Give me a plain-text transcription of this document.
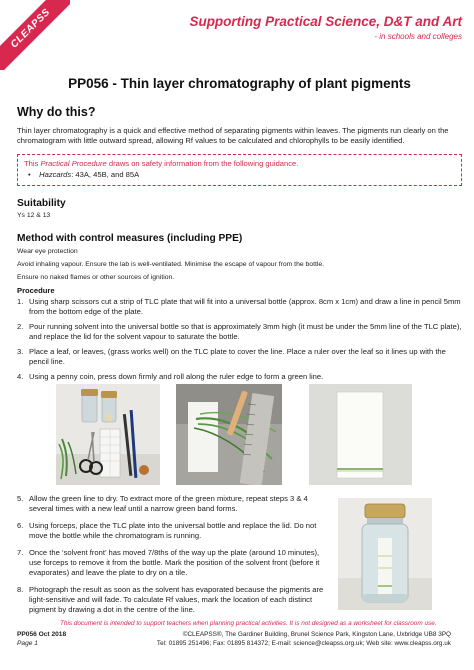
CLEAPSS	Supporting Practical Science, D&T and Art
- in schools and colleges
PP056 - Thin layer chromatography of plant pigments
Why do this?

Thin layer chromatography is a quick and effective method of separating pigments within leaves. The pigments run clearly on the chromatogram with little outward spread, allowing Rf values to be calculated and chlorophylls to be easily identified.

This Practical Procedure draws on safety information from the following guidance.
•    Hazcards: 43A, 45B, and 85A
Suitability
Ys 12 & 13
Method with control measures (including PPE)
Wear eye protection
Avoid inhaling vapour. Ensure the lab is well-ventilated. Minimise the escape of vapour from the bottle.
Ensure no naked flames or other sources of ignition.
Procedure
1. Using sharp scissors cut a strip of TLC plate that will fit into a universal bottle (approx. 8cm x 1cm) and draw a line in pencil 5mm from the bottom edge of the plate.
2. Pour running solvent into the universal bottle so that is approximately 3mm high (it must be under the 5mm line of the TLC plate), and replace the lid for the solvent vapour to saturate the bottle.
3. Place a leaf, or leaves, (grass works well) on the TLC plate to cover the line. Place a ruler over the leaf so it lines up with the pencil line.
4. Using a penny coin, press down firmly and roll along the ruler edge to form a green line.
5. Allow the green line to dry. To extract more of the green mixture, repeat steps 3 & 4 several times with a new leaf until a narrow green band forms.
6. Using forceps, place the TLC plate into the universal bottle and replace the lid. Do not move the bottle while the chromatogram is running.
7. Once the ‘solvent front’ has moved 7/8ths of the way up the plate (around 10 minutes), use forceps to remove it from the bottle. Mark the position of the solvent front (before it evaporates) and leave the plate to dry on a tile.
8. Photograph the result as soon as the solvent has evaporated because the pigments are light-sensitive and will fade. To calculate Rf values, mark the location of each distinct pigment by drawing a dot in the centre of the line.
This document is intended to support teachers when planning practical activities. It is not designed as a worksheet for classroom use.
PP056 Oct 2018
Page 1
©CLEAPSS®, The Gardiner Building, Brunel Science Park, Kingston Lane, Uxbridge UB8 3PQ
Tel: 01895 251496; Fax: 01895 814372; E-mail: science@cleapss.org.uk; Web site: www.cleapss.org.uk
